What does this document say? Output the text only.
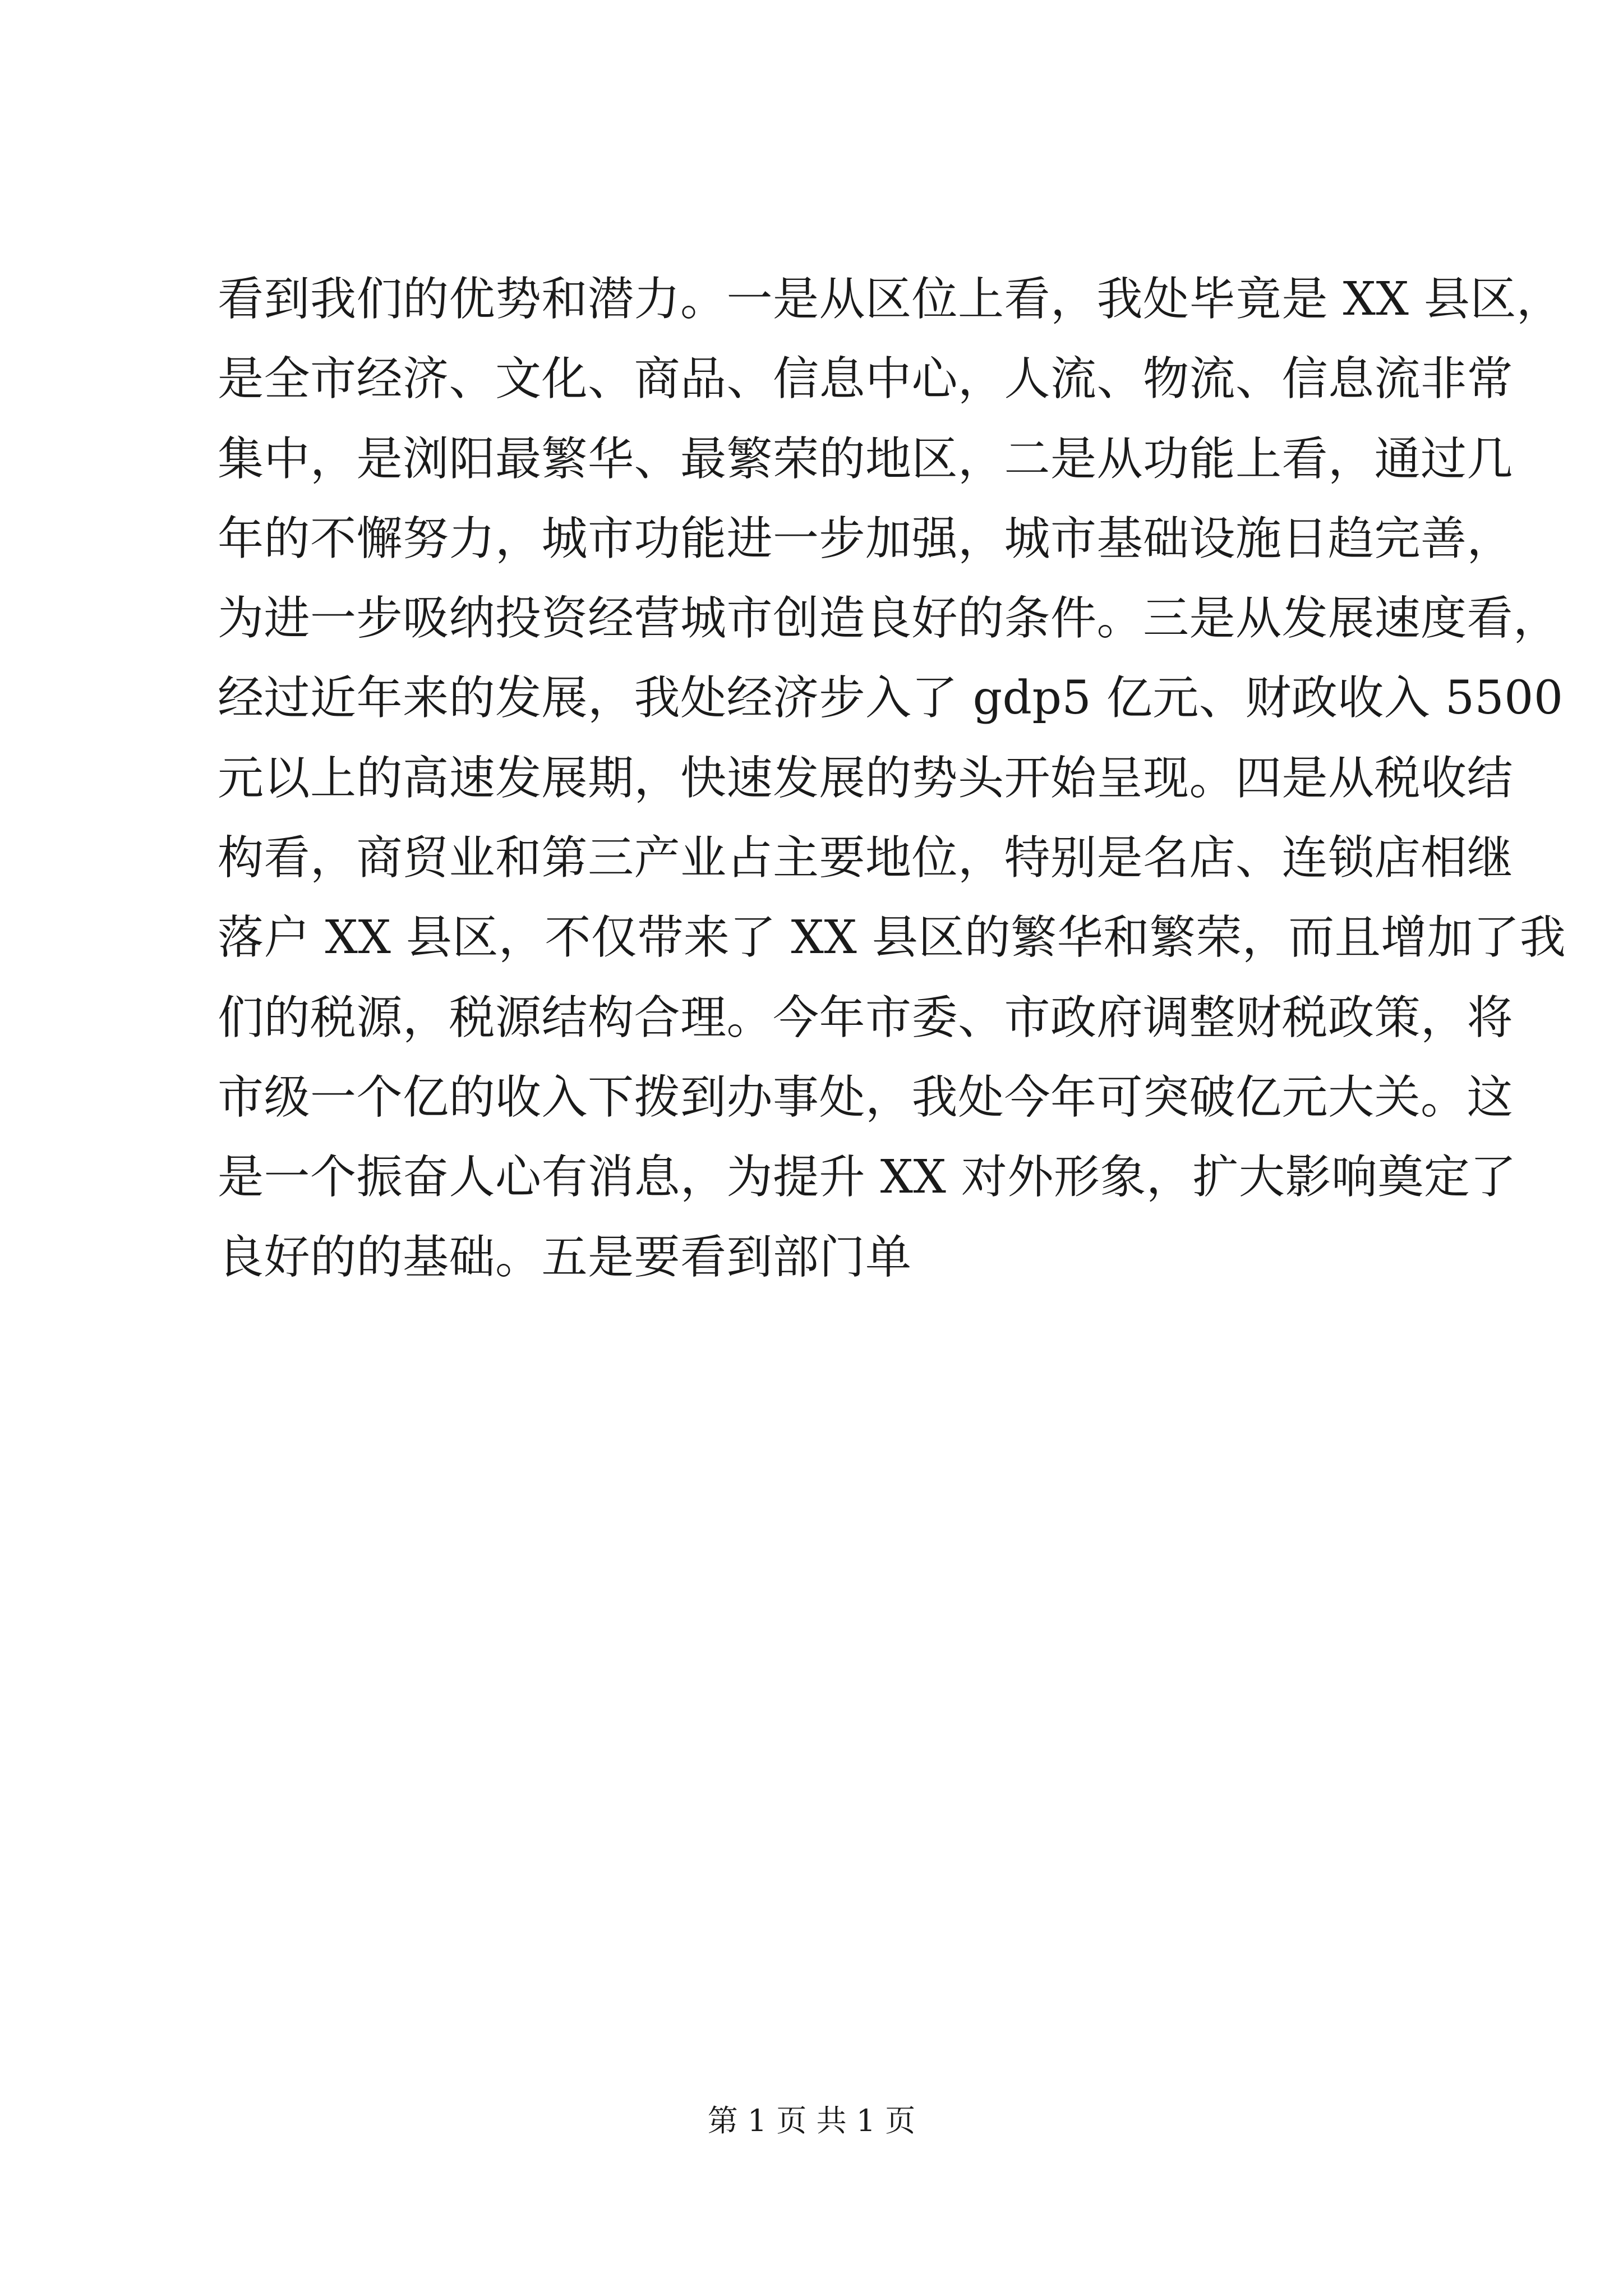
看到我们的优势和潜力。一是从区位上看，我处毕竟是 XX 县区，
是全市经济、文化、商品、信息中心，人流、物流、信息流非常
集中，是浏阳最繁华、最繁荣的地区，二是从功能上看，通过几
年的不懈努力，城市功能进一步加强，城市基础设施日趋完善，
为进一步吸纳投资经营城市创造良好的条件。三是从发展速度看，
经过近年来的发展，我处经济步入了 gdp5 亿元、财政收入 5500
元以上的高速发展期，快速发展的势头开始呈现。四是从税收结
构看，商贸业和第三产业占主要地位，特别是名店、连锁店相继
落户 XX 县区，不仅带来了 XX 县区的繁华和繁荣，而且增加了我
们的税源，税源结构合理。今年市委、市政府调整财税政策，将
市级一个亿的收入下拨到办事处，我处今年可突破亿元大关。这
是一个振奋人心有消息，为提升 XX 对外形象，扩大影响奠定了
良好的的基础。五是要看到部门单
第 1 页 共 1 页
